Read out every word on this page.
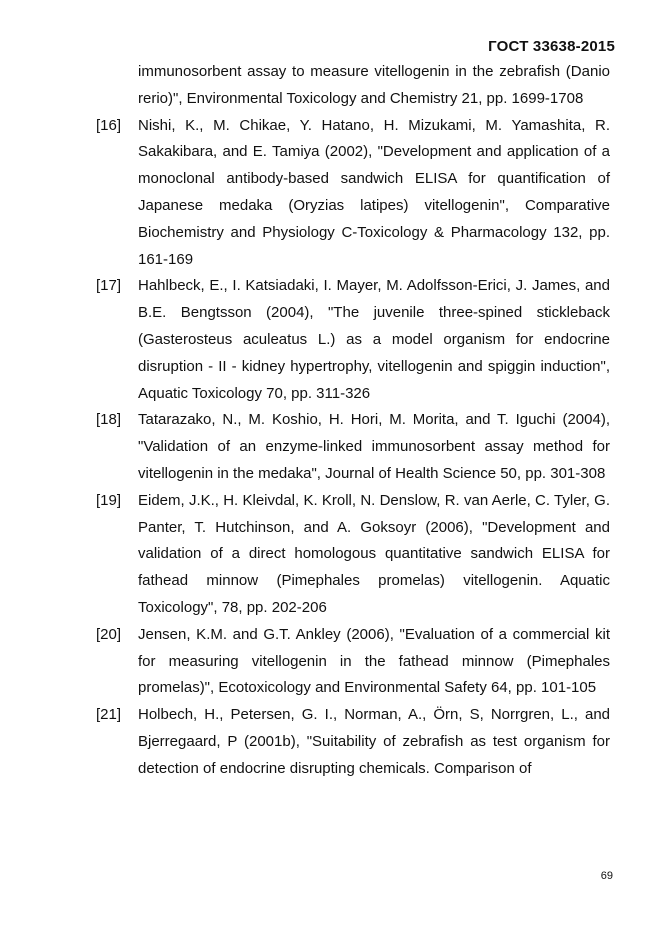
ГОСТ 33638-2015
immunosorbent assay to measure vitellogenin in the zebrafish (Danio rerio)", Environmental Toxicology and Chemistry 21, pp. 1699-1708
[16] Nishi, K., M. Chikae, Y. Hatano, H. Mizukami, M. Yamashita, R. Sakakibara, and E. Tamiya (2002), "Development and application of a monoclonal antibody-based sandwich ELISA for quantification of Japanese medaka (Oryzias latipes) vitellogenin", Comparative Biochemistry and Physiology C-Toxicology & Pharmacology 132, pp. 161-169
[17] Hahlbeck, E., I. Katsiadaki, I. Mayer, M. Adolfsson-Erici, J. James, and B.E. Bengtsson (2004), "The juvenile three-spined stickleback (Gasterosteus aculeatus L.) as a model organism for endocrine disruption - II - kidney hypertrophy, vitellogenin and spiggin induction", Aquatic Toxicology 70, pp. 311-326
[18] Tatarazako, N., M. Koshio, H. Hori, M. Morita, and T. Iguchi (2004), "Validation of an enzyme-linked immunosorbent assay method for vitellogenin in the medaka", Journal of Health Science 50, pp. 301-308
[19] Eidem, J.K., H. Kleivdal, K. Kroll, N. Denslow, R. van Aerle, C. Tyler, G. Panter, T. Hutchinson, and A. Goksoyr (2006), "Development and validation of a direct homologous quantitative sandwich ELISA for fathead minnow (Pimephales promelas) vitellogenin. Aquatic Toxicology", 78, pp. 202-206
[20] Jensen, K.M. and G.T. Ankley (2006), "Evaluation of a commercial kit for measuring vitellogenin in the fathead minnow (Pimephales promelas)", Ecotoxicology and Environmental Safety 64, pp. 101-105
[21] Holbech, H., Petersen, G. I., Norman, A., Örn, S, Norrgren, L., and Bjerregaard, P (2001b), "Suitability of zebrafish as test organism for detection of endocrine disrupting chemicals. Comparison of
69
